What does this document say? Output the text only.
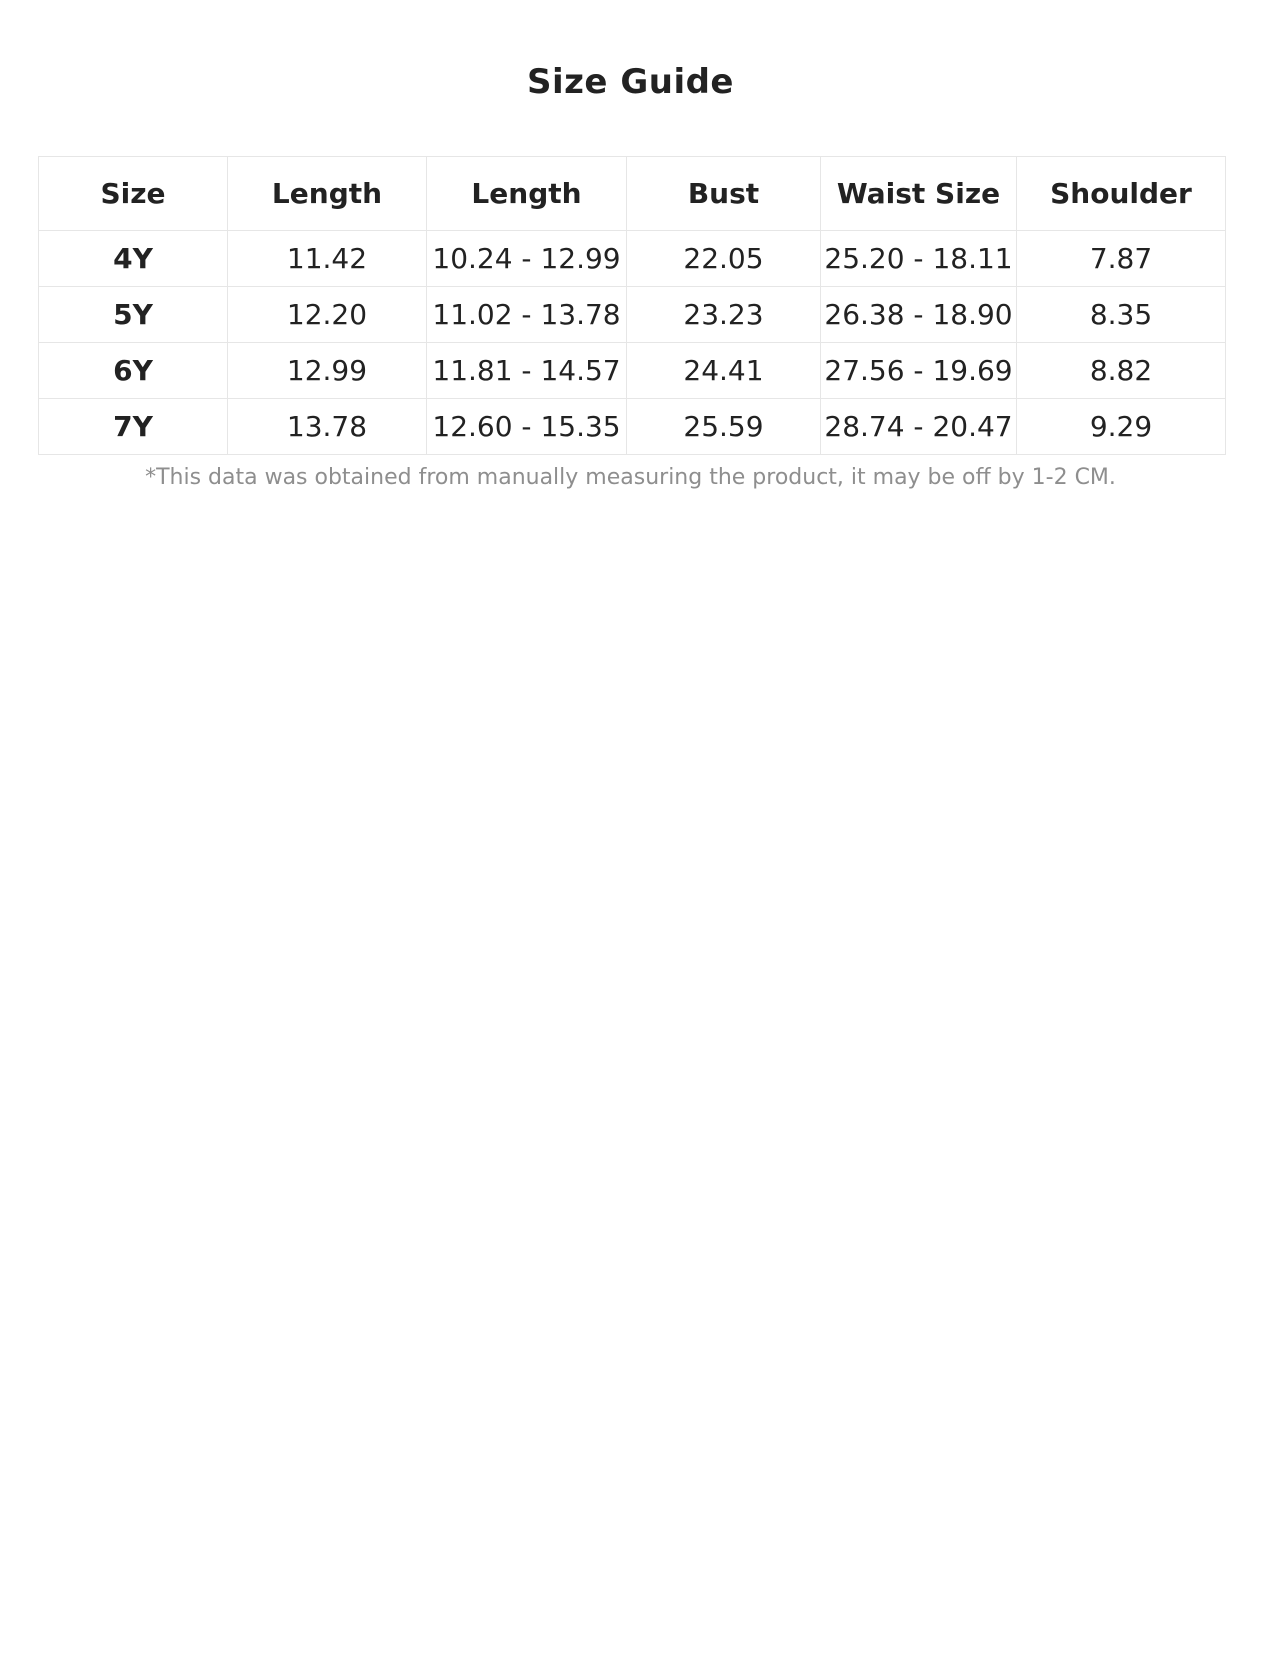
Size Guide
Size	Length	Length	Bust	Waist Size	Shoulder
4Y	11.42	10.24 - 12.99	22.05	25.20 - 18.11	7.87
5Y	12.20	11.02 - 13.78	23.23	26.38 - 18.90	8.35
6Y	12.99	11.81 - 14.57	24.41	27.56 - 19.69	8.82
7Y	13.78	12.60 - 15.35	25.59	28.74 - 20.47	9.29
*This data was obtained from manually measuring the product, it may be off by 1-2 CM.
